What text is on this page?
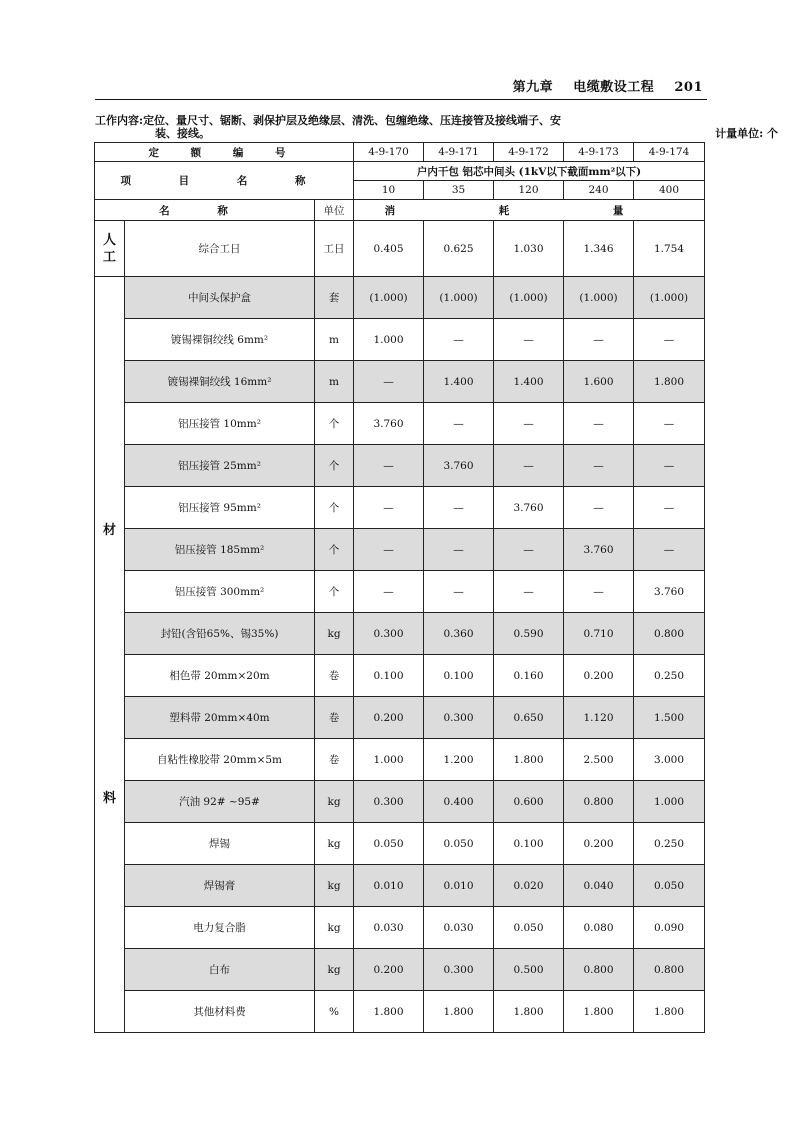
第九章 电缆敷设工程 201
工作内容:定位、量尺寸、锯断、剥保护层及绝缘层、清洗、包缠绝缘、压连接管及接线端子、安
装、接线。	计量单位: 个
定 额 编 号			4-9-170	4-9-171	4-9-172	4-9-173	4-9-174
项 目 名 称			户内干包 铝芯中间头 (1kV以下截面mm²以下)				
			10	35	120	240	400
名 称		单位	消 耗 量				

人
工	综合工日	工日	0.405	0.625	1.030	1.346	1.754

材
料	中间头保护盒	套	(1.000)	(1.000)	(1.000)	(1.000)	(1.000)
	镀锡裸铜绞线 6mm²	m	1.000	—	—	—	—
	镀锡裸铜绞线 16mm²	m	—	1.400	1.400	1.600	1.800
	铝压接管 10mm²	个	3.760	—	—	—	—
	铝压接管 25mm²	个	—	3.760	—	—	—
	铝压接管 95mm²	个	—	—	3.760	—	—
	铝压接管 185mm²	个	—	—	—	3.760	—
	铝压接管 300mm²	个	—	—	—	—	3.760
	封铅(含铅65%、锡35%)	kg	0.300	0.360	0.590	0.710	0.800
	相色带 20mm×20m	卷	0.100	0.100	0.160	0.200	0.250
	塑料带 20mm×40m	卷	0.200	0.300	0.650	1.120	1.500
	自粘性橡胶带 20mm×5m	卷	1.000	1.200	1.800	2.500	3.000
	汽油 92# ~95#	kg	0.300	0.400	0.600	0.800	1.000
	焊锡	kg	0.050	0.050	0.100	0.200	0.250
	焊锡膏	kg	0.010	0.010	0.020	0.040	0.050
	电力复合脂	kg	0.030	0.030	0.050	0.080	0.090
	白布	kg	0.200	0.300	0.500	0.800	0.800
	其他材料费	%	1.800	1.800	1.800	1.800	1.800
